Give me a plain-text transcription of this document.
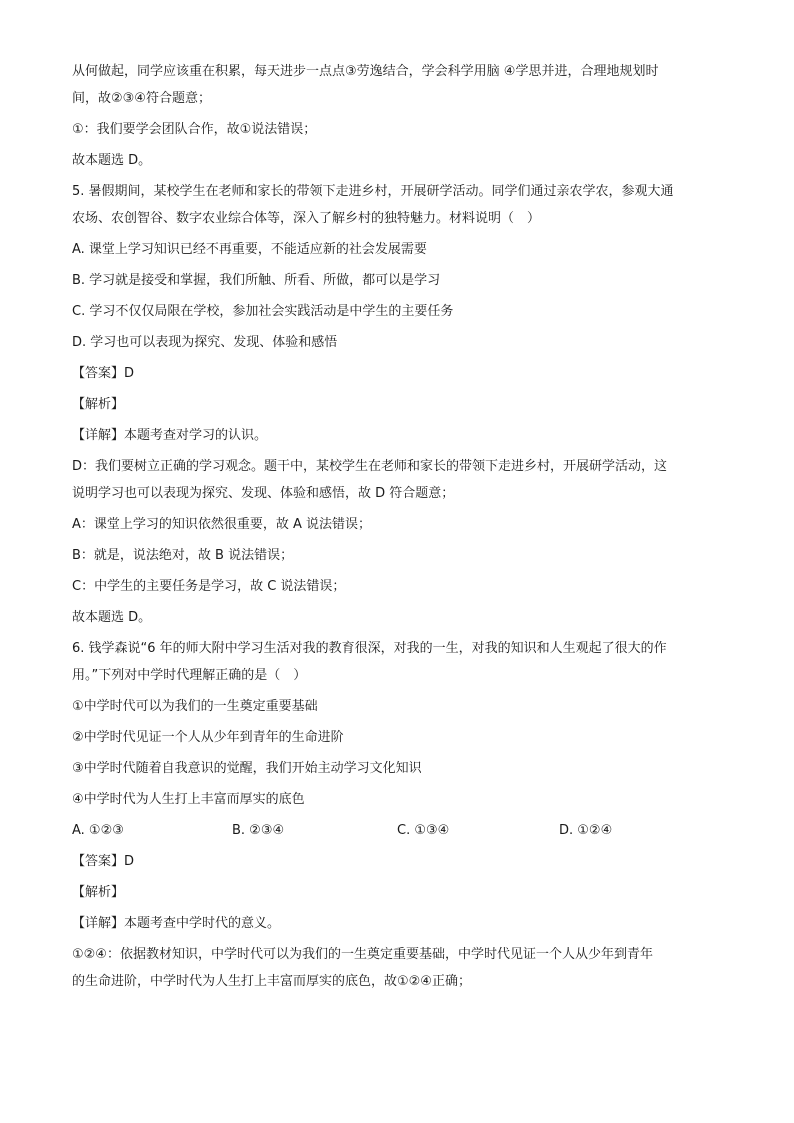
从何做起，同学应该重在积累，每天进步一点点③劳逸结合，学会科学用脑 ④学思并进，合理地规划时

间，故②③④符合题意；

①：我们要学会团队合作，故①说法错误；

故本题选 D。

5. 暑假期间，某校学生在老师和家长的带领下走进乡村，开展研学活动。同学们通过亲农学农，参观大通

农场、农创智谷、数字农业综合体等，深入了解乡村的独特魅力。材料说明（　）

A. 课堂上学习知识已经不再重要，不能适应新的社会发展需要

B. 学习就是接受和掌握，我们所触、所看、所做，都可以是学习

C. 学习不仅仅局限在学校，参加社会实践活动是中学生的主要任务

D. 学习也可以表现为探究、发现、体验和感悟

【答案】D

【解析】

【详解】本题考查对学习的认识。

D：我们要树立正确的学习观念。题干中，某校学生在老师和家长的带领下走进乡村，开展研学活动，这

说明学习也可以表现为探究、发现、体验和感悟，故 D 符合题意；

A：课堂上学习的知识依然很重要，故 A 说法错误；

B：就是，说法绝对，故 B 说法错误；

C：中学生的主要任务是学习，故 C 说法错误；

故本题选 D。

6. 钱学森说“6 年的师大附中学习生活对我的教育很深，对我的一生，对我的知识和人生观起了很大的作

用。”下列对中学时代理解正确的是（　）

①中学时代可以为我们的一生奠定重要基础

②中学时代见证一个人从少年到青年的生命进阶

③中学时代随着自我意识的觉醒，我们开始主动学习文化知识

④中学时代为人生打上丰富而厚实的底色

A. ①②③	B. ②③④	C. ①③④	D. ①②④

【答案】D

【解析】

【详解】本题考查中学时代的意义。

①②④：依据教材知识，中学时代可以为我们的一生奠定重要基础，中学时代见证一个人从少年到青年

的生命进阶，中学时代为人生打上丰富而厚实的底色，故①②④正确；
